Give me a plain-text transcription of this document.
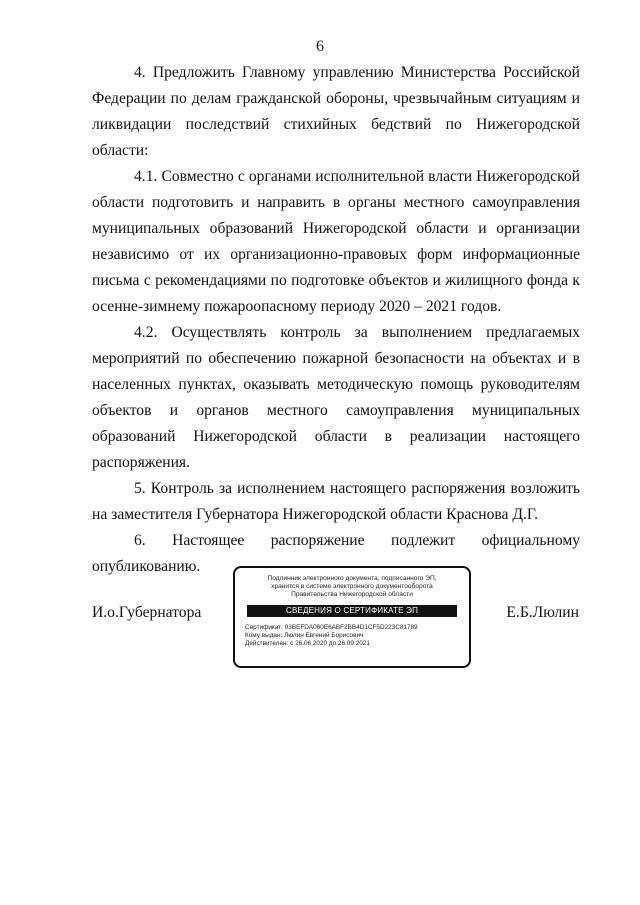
6

4. Предложить Главному управлению Министерства Российской Федерации по делам гражданской обороны, чрезвычайным ситуациям и ликвидации последствий стихийных бедствий по Нижегородской области:

4.1. Совместно с органами исполнительной власти Нижегородской области подготовить и направить в органы местного самоуправления муниципальных образований Нижегородской области и организации независимо от их организационно-правовых форм информационные письма с рекомендациями по подготовке объектов и жилищного фонда к осенне-зимнему пожароопасному периоду 2020 – 2021 годов.

4.2. Осуществлять контроль за выполнением предлагаемых мероприятий по обеспечению пожарной безопасности на объектах и в населенных пунктах, оказывать методическую помощь руководителям объектов и органов местного самоуправления муниципальных образований Нижегородской области в реализации настоящего распоряжения.

5. Контроль за исполнением настоящего распоряжения возложить на заместителя Губернатора Нижегородской области Краснова Д.Г.

6. Настоящее распоряжение подлежит официальному опубликованию.

И.о.Губернатора
Подлинник электронного документа, подписанного ЭП,
хранится в системе электронного документооборота
Правительства Нижегородской области
СВЕДЕНИЯ О СЕРТИФИКАТЕ ЭП
Сертификат: 03BEFDA060E6ABF2BB4D1CF5D223C81789
Кому выдан: Люлин Евгений Борисович
Действителен: с 26.06.2020 до 26.09.2021
Е.Б.Люлин
